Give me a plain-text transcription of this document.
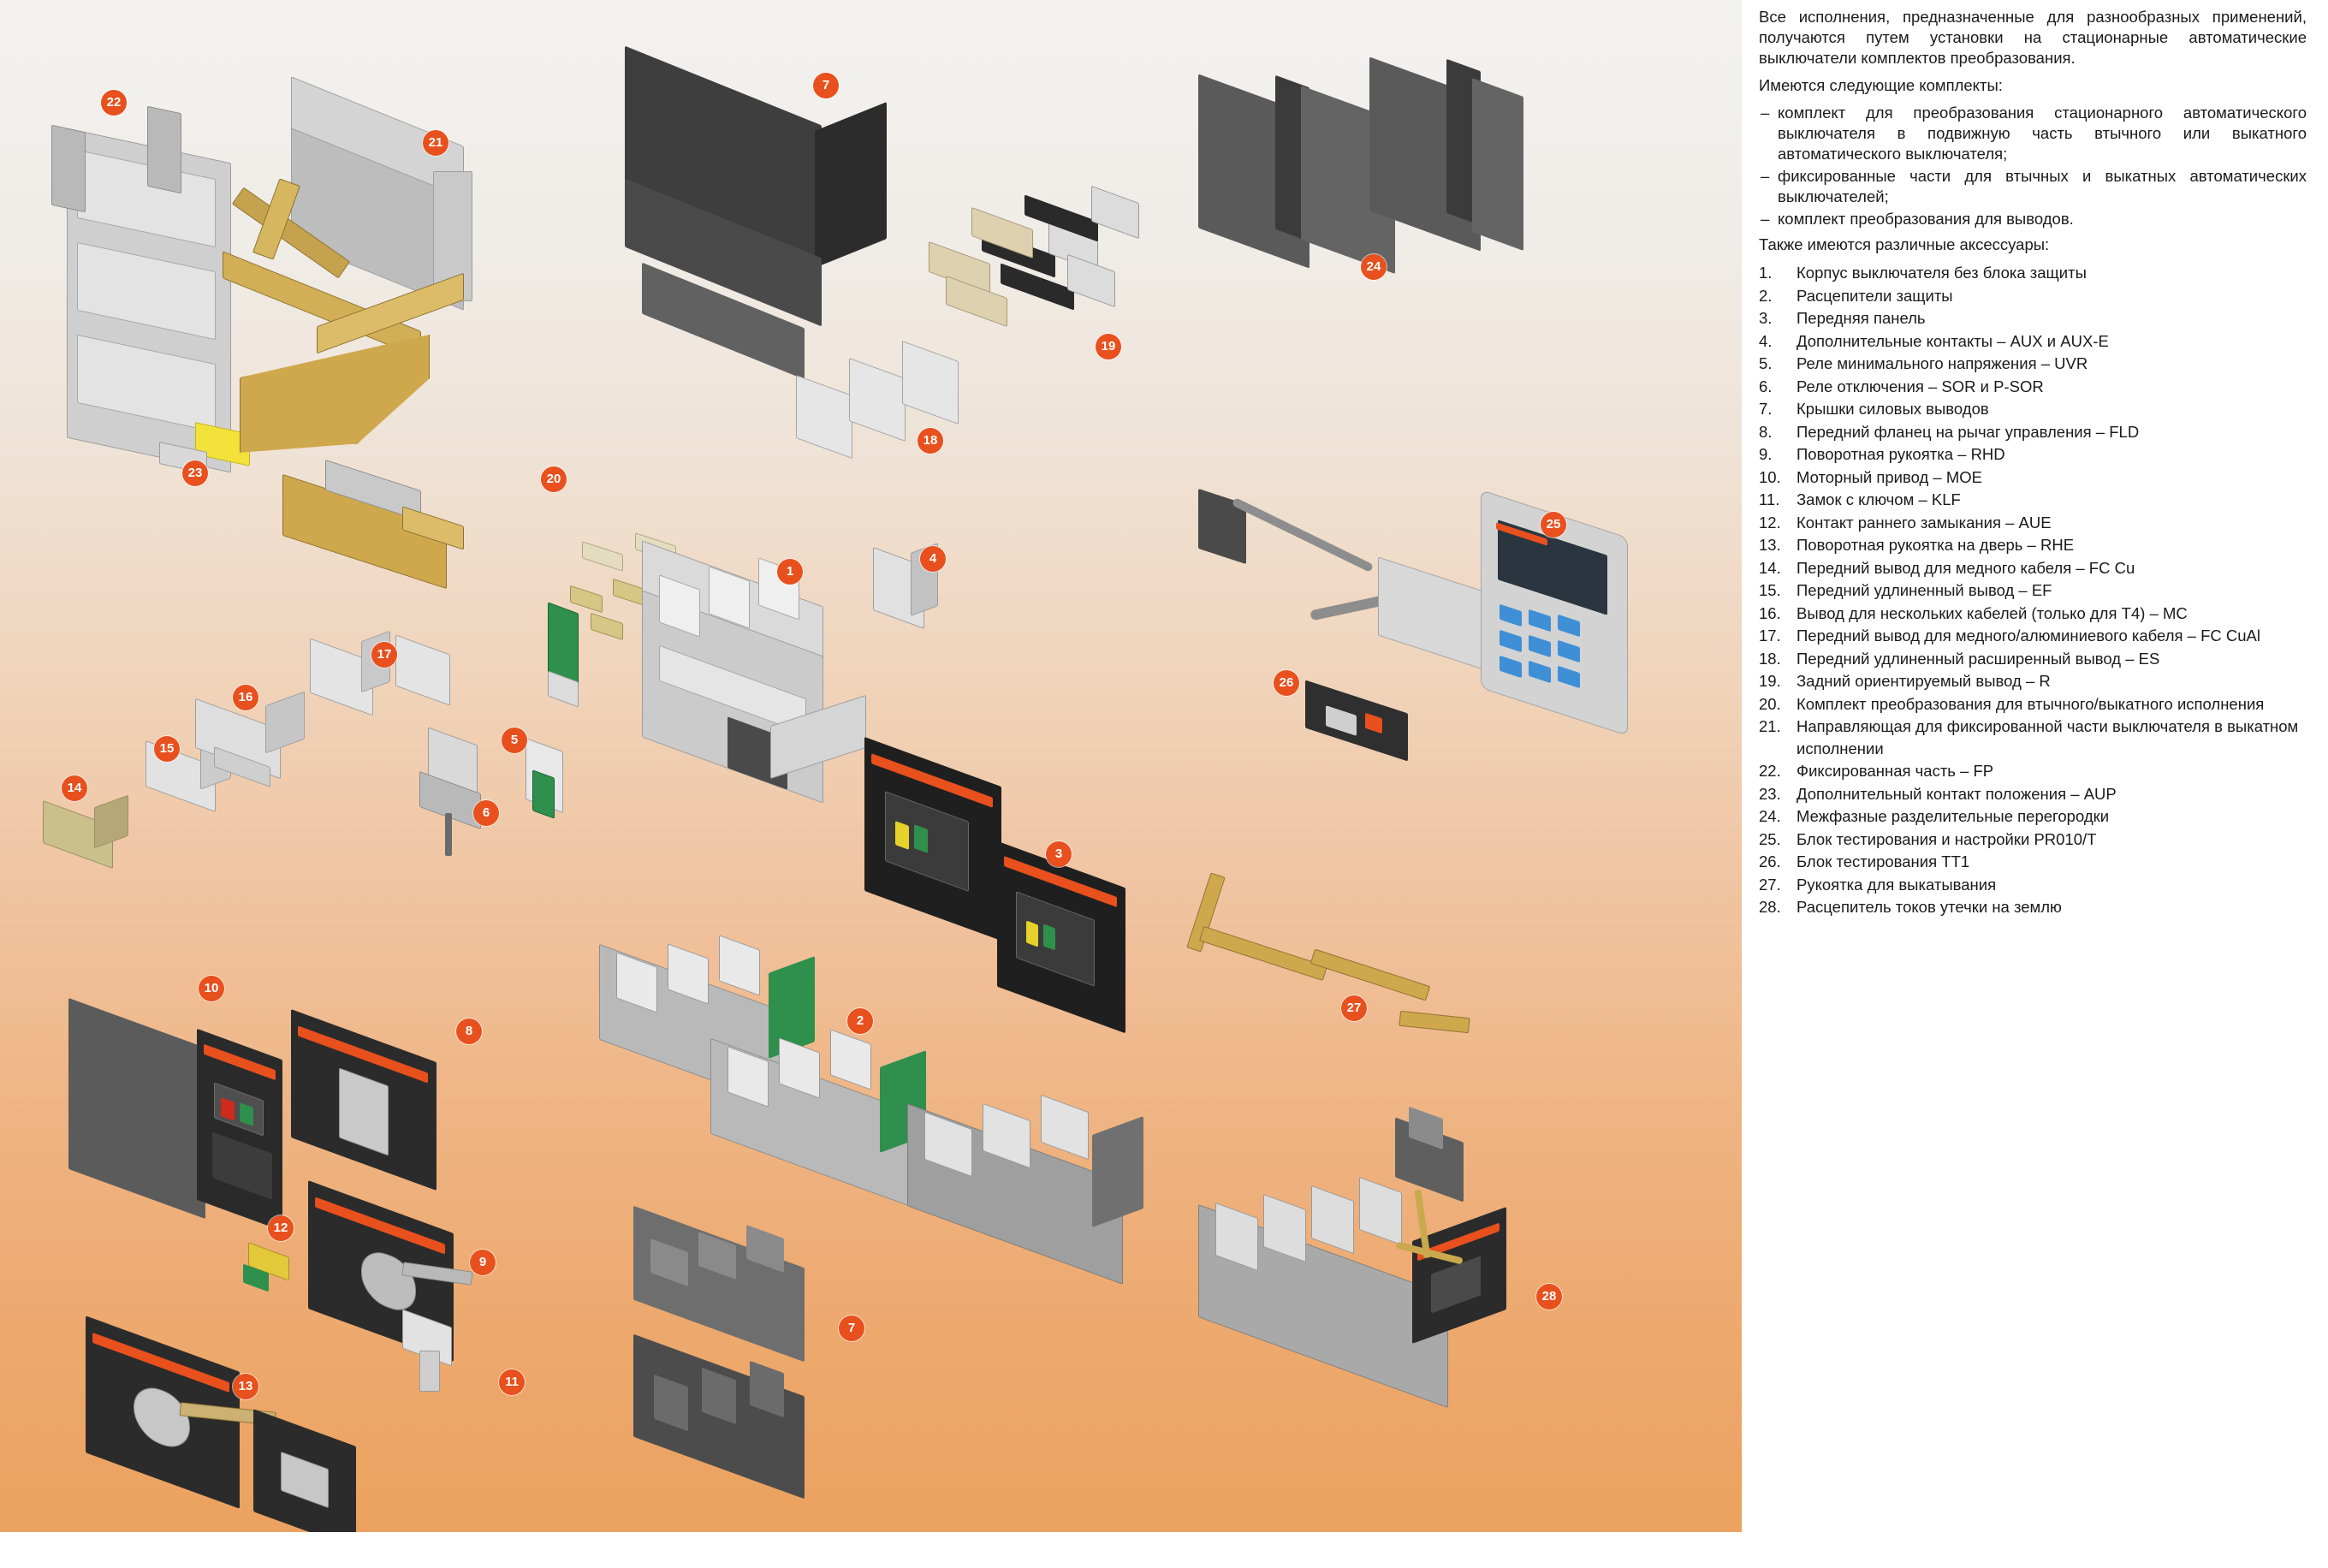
22
21
7
24
19
18
23	20
25
1
4
17
16
26
15
5
14
6
3
10
8
2
27
12
9
28
7
11
13

Все исполнения, предназначенные для разнообразных применений, получаются путем установки на стационарные автоматические выключатели комплектов преобразования.

Имеются следующие комплекты:

– комплект для преобразования стационарного автоматического выключателя в подвижную часть втычного или выкатного автоматического выключателя;
– фиксированные части для втычных и выкатных автоматических выключателей;
– комплект преобразования для выводов.

Также имеются различные аксессуары:

1.	Корпус выключателя без блока защиты
2.	Расцепители защиты
3.	Передняя панель
4.	Дополнительные контакты – AUX и AUX-E
5.	Реле минимального напряжения – UVR
6.	Реле отключения – SOR и P-SOR
7.	Крышки силовых выводов
8.	Передний фланец на рычаг управления – FLD
9.	Поворотная рукоятка – RHD
10. Моторный привод – MOE
11.	Замок с ключом – KLF
12. Контакт раннего замыкания – AUE
13. Поворотная рукоятка на дверь – RHE
14. Передний вывод для медного кабеля – FC Cu
15. Передний удлиненный вывод – EF
16. Вывод для нескольких кабелей (только для T4) – MC
17. Передний вывод для медного/алюминиевого кабеля – FC CuAl
18. Передний удлиненный расширенный вывод – ES
19. Задний ориентируемый вывод – R
20. Комплект преобразования для втычного/выкатного исполнения
21. Направляющая для фиксированной части выключателя в выкатном исполнении
22. Фиксированная часть – FP
23. Дополнительный контакт положения – AUP
24. Межфазные разделительные перегородки
25. Блок тестирования и настройки PR010/T
26. Блок тестирования TT1
27. Рукоятка для выкатывания
28. Расцепитель токов утечки на землю
